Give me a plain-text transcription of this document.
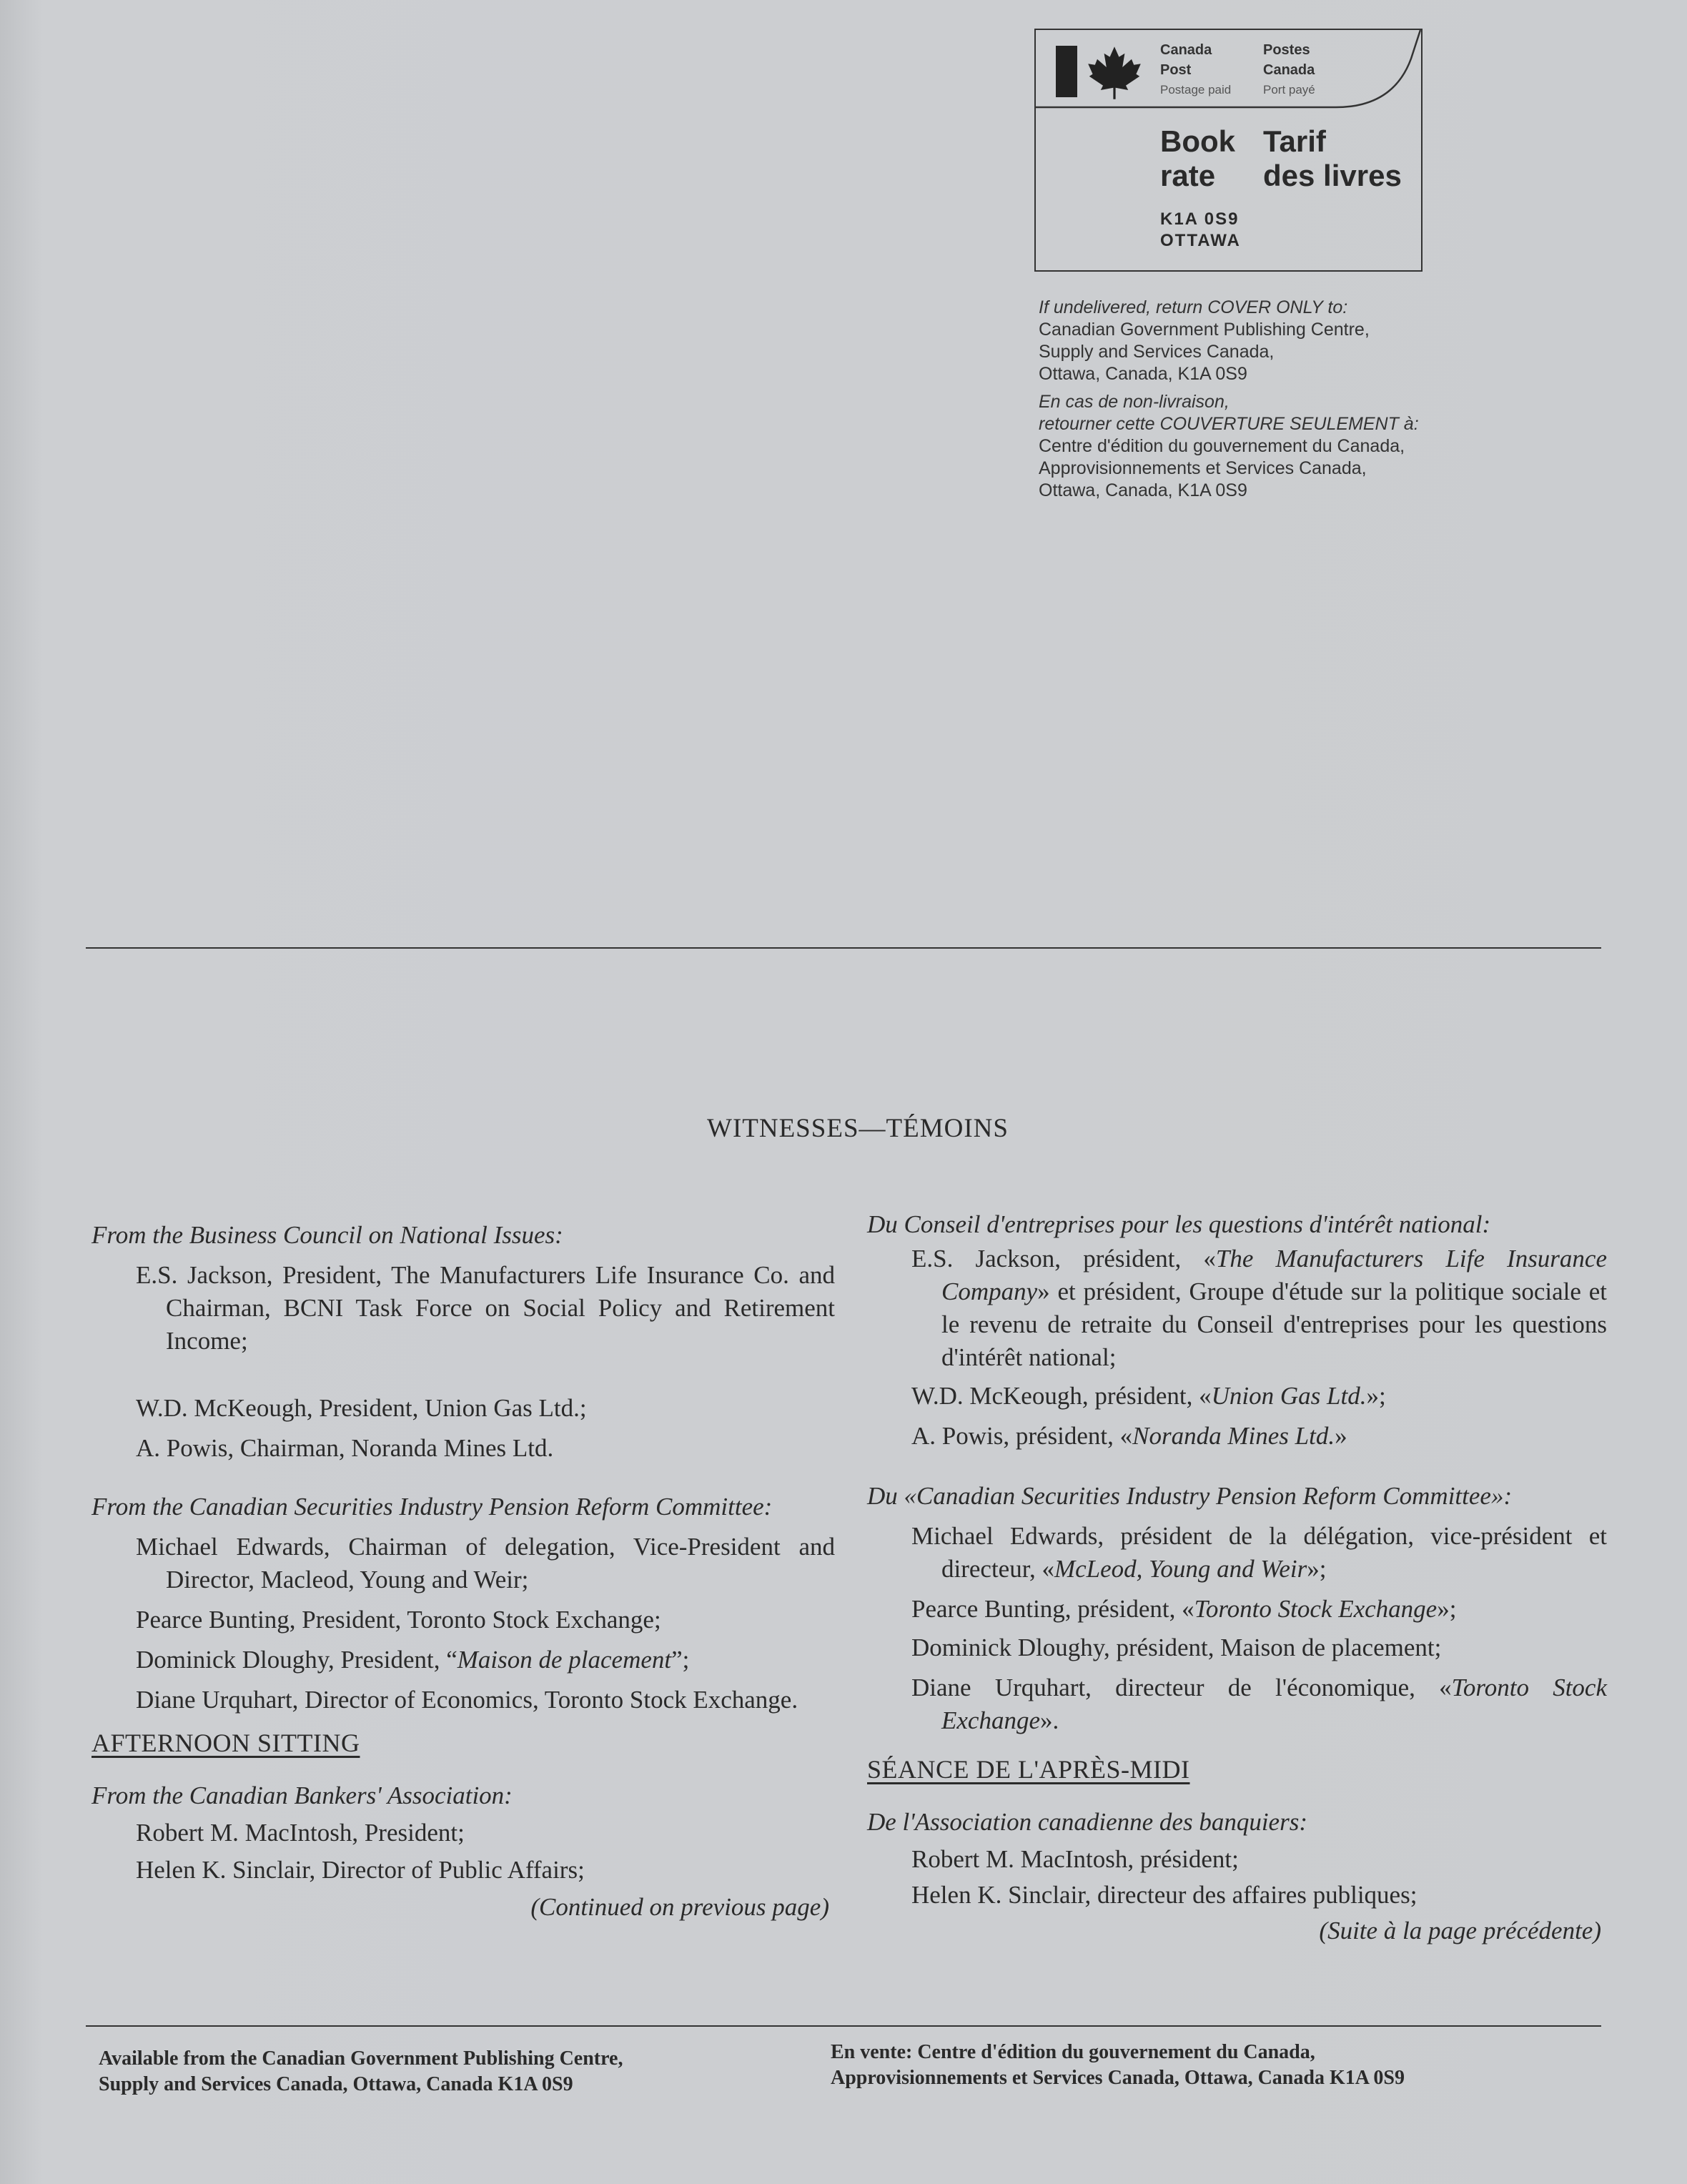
Canada
Post
Postage paid
Postes
Canada
Port payé
Book
rate
Tarif
des livres
K1A 0S9
OTTAWA

If undelivered, return COVER ONLY to:

Canadian Government Publishing Centre,

Supply and Services Canada,

Ottawa, Canada, K1A 0S9

En cas de non-livraison,

retourner cette COUVERTURE SEULEMENT à:

Centre d'édition du gouvernement du Canada,

Approvisionnements et Services Canada,

Ottawa, Canada, K1A 0S9

WITNESSES—TÉMOINS

From the Business Council on National Issues:

E.S. Jackson, President, The Manufacturers Life Insurance Co. and Chairman, BCNI Task Force on Social Policy and Retirement Income;

W.D. McKeough, President, Union Gas Ltd.;

A. Powis, Chairman, Noranda Mines Ltd.

From the Canadian Securities Industry Pension Reform Committee:

Michael Edwards, Chairman of delegation, Vice-President and Director, Macleod, Young and Weir;

Pearce Bunting, President, Toronto Stock Exchange;

Dominick Dloughy, President, “Maison de placement”;

Diane Urquhart, Director of Economics, Toronto Stock Exchange.

AFTERNOON SITTING

From the Canadian Bankers' Association:

Robert M. MacIntosh, President;

Helen K. Sinclair, Director of Public Affairs;

(Continued on previous page)

Du Conseil d'entreprises pour les questions d'intérêt national:

E.S. Jackson, président, «The Manufacturers Life Insurance Company» et président, Groupe d'étude sur la politique sociale et le revenu de retraite du Conseil d'entreprises pour les questions d'intérêt national;

W.D. McKeough, président, «Union Gas Ltd.»;

A. Powis, président, «Noranda Mines Ltd.»

Du «Canadian Securities Industry Pension Reform Committee»:

Michael Edwards, président de la délégation, vice-président et directeur, «McLeod, Young and Weir»;

Pearce Bunting, président, «Toronto Stock Exchange»;

Dominick Dloughy, président, Maison de placement;

Diane Urquhart, directeur de l'économique, «Toronto Stock Exchange».

SÉANCE DE L'APRÈS-MIDI

De l'Association canadienne des banquiers:

Robert M. MacIntosh, président;

Helen K. Sinclair, directeur des affaires publiques;

(Suite à la page précédente)

Available from the Canadian Government Publishing Centre,
Supply and Services Canada, Ottawa, Canada K1A 0S9
En vente: Centre d'édition du gouvernement du Canada,
Approvisionnements et Services Canada, Ottawa, Canada K1A 0S9
